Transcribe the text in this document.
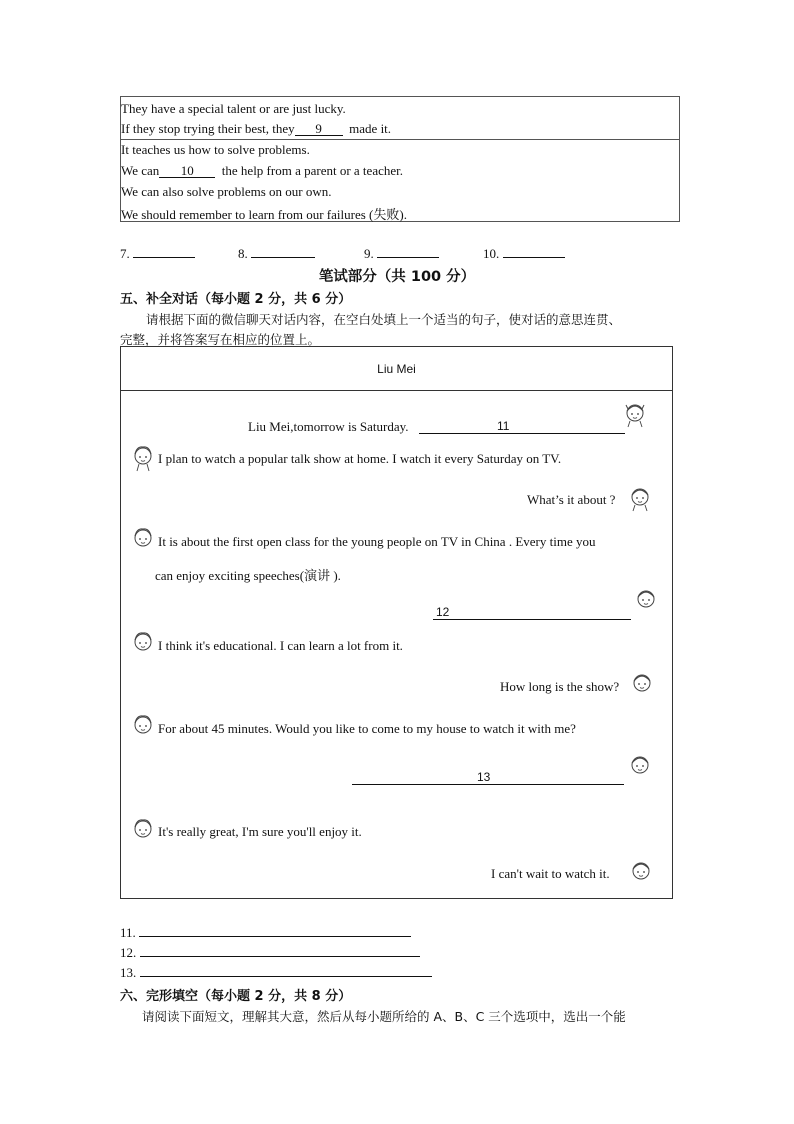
They have a special talent or are just lucky.
If they stop trying their best, they 9 made it.
It teaches us how to solve problems.
We can 10 the help from a parent or a teacher.
We can also solve problems on our own.
We should remember to learn from our failures (失败).
7.	8.	9.	10.
笔试部分（共 100 分）
五、补全对话（每小题 2 分，共 6 分）
请根据下面的微信聊天对话内容，在空白处填上一个适当的句子，使对话的意思连贯、
完整，并将答案写在相应的位置上。
Liu Mei
Liu Mei,tomorrow is Saturday.	11
I plan to watch a popular talk show at home. I watch it every Saturday on TV.
What’s it about ?
It is about the first open class for the young people on TV in China . Every time you
can enjoy exciting speeches(演讲 ).
12
I think it's educational. I can learn a lot from it.
How long is the show?
For about 45 minutes. Would you like to come to my house to watch it with me?
13
It's really great, I'm sure you'll enjoy it.
I can't wait to watch it.
11.
12.
13.
六、完形填空（每小题 2 分，共 8 分）
请阅读下面短文，理解其大意，然后从每小题所给的 A、B、C 三个选项中，选出一个能
